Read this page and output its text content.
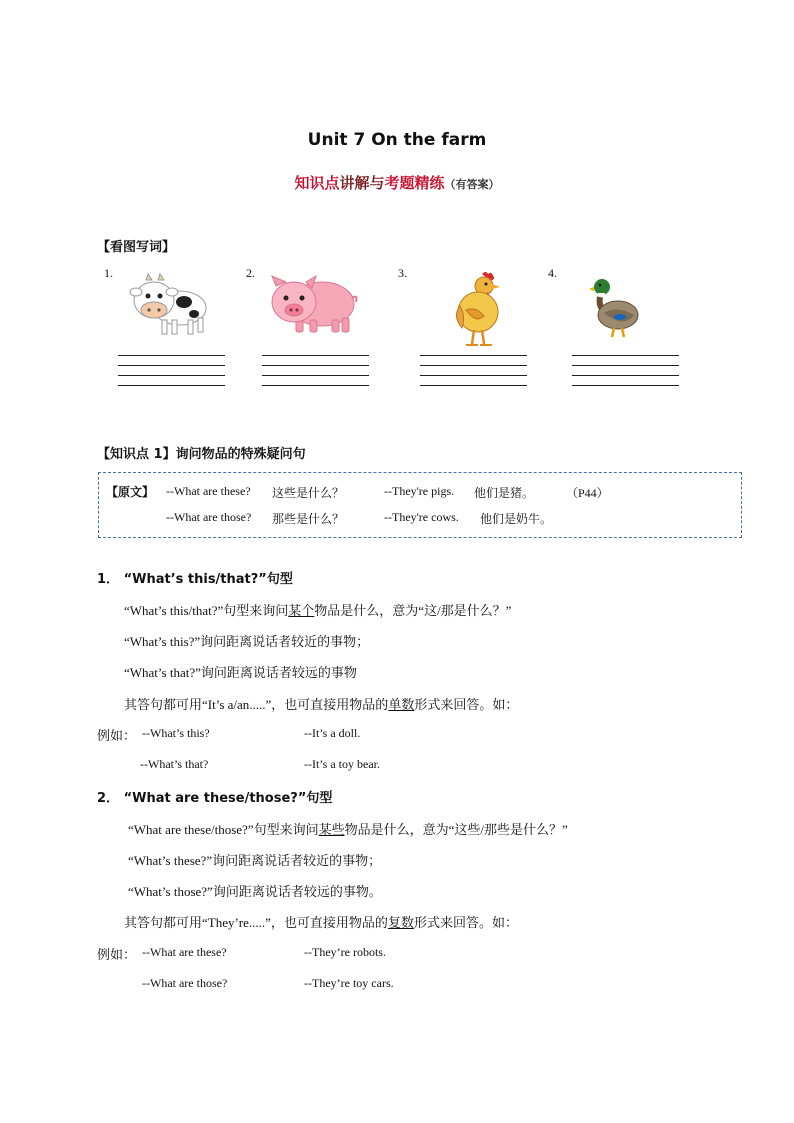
Unit 7 On the farm
知识点讲解与考题精练（有答案）
【看图写词】
1.	2.	3.	4.
【知识点 1】询问物品的特殊疑问句
【原文】 --What are these? 这些是什么？	--They're pigs. 他们是猪。	（P44）
--What are those? 那些是什么？	--They're cows. 他们是奶牛。
1． “What’s this/that?”句型
“What’s this/that?”句型来询问某个物品是什么，意为“这/那是什么？”
“What’s this?”询问距离说话者较近的事物；
“What’s that?”询问距离说话者较远的事物
其答句都可用“It’s a/an.....”，也可直接用物品的单数形式来回答。如：
例如： --What’s this?	--It’s a doll.
--What’s that?	--It’s a toy bear.
2． “What are these/those?”句型
“What are these/those?”句型来询问某些物品是什么，意为“这些/那些是什么？”
“What’s these?”询问距离说话者较近的事物；
“What’s those?”询问距离说话者较远的事物。
其答句都可用“They’re.....”，也可直接用物品的复数形式来回答。如：
例如： --What are these?	--They’re robots.
--What are those?	--They’re toy cars.
